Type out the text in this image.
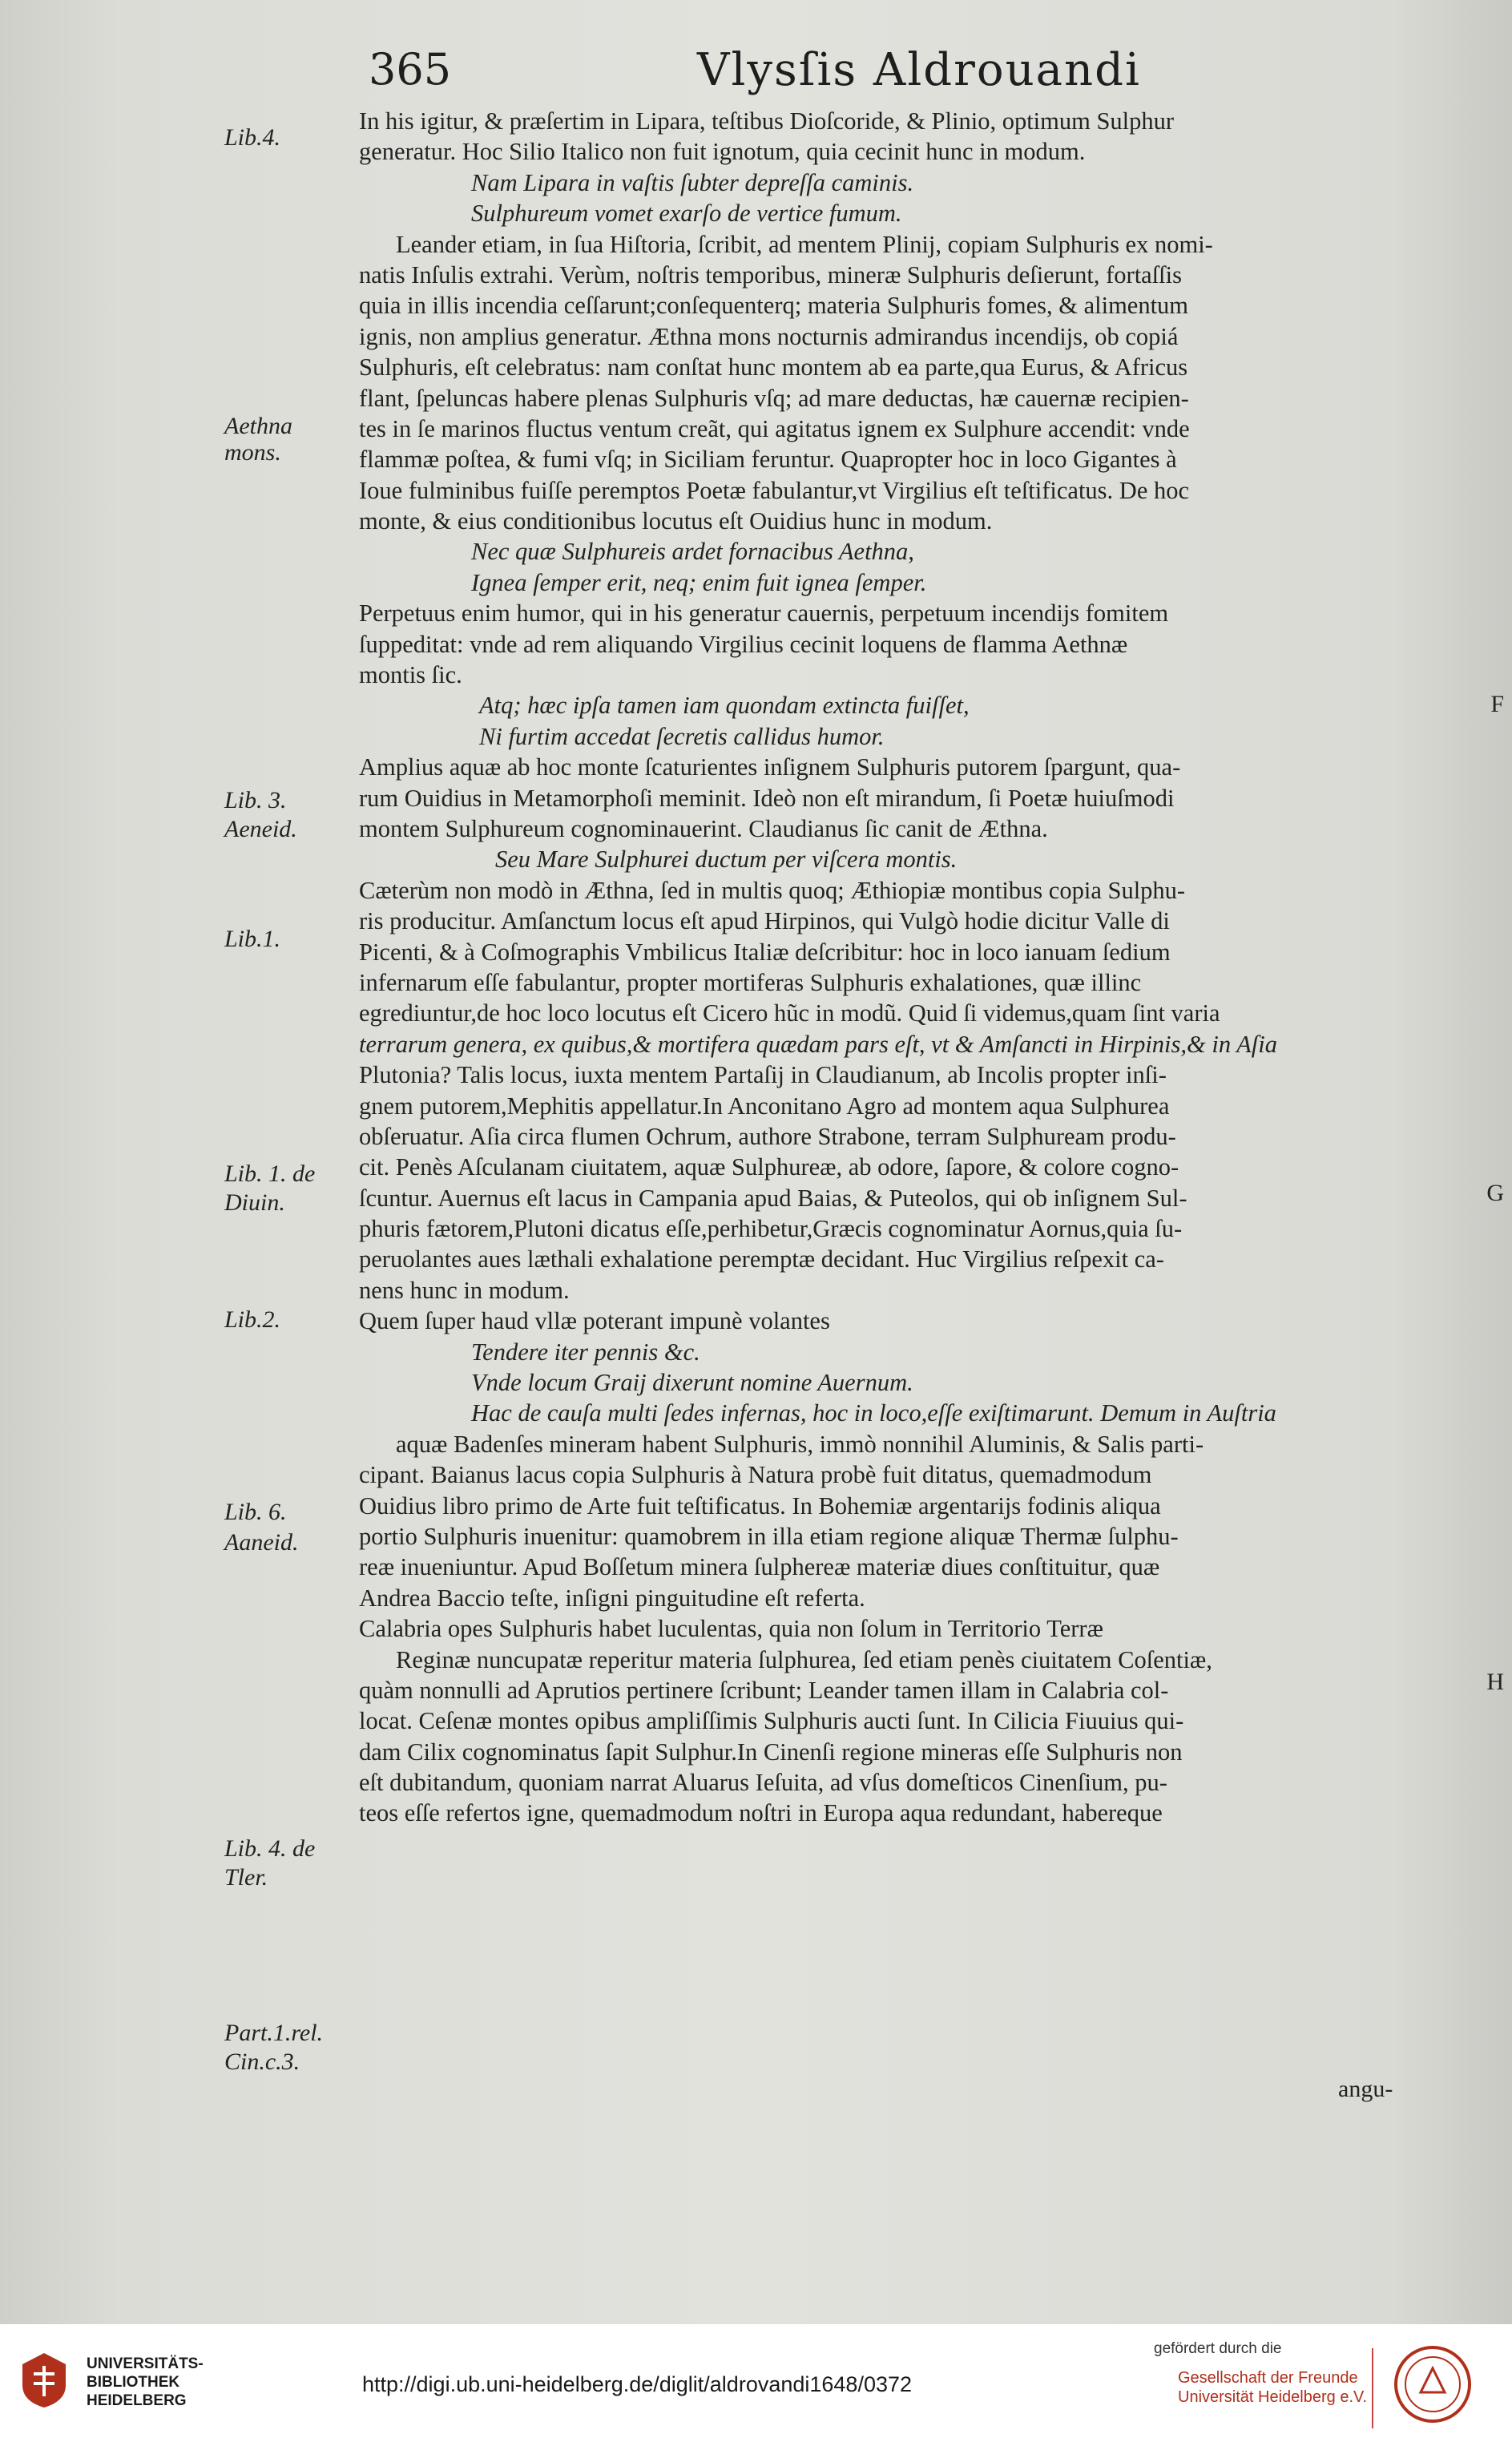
365	Vlysſis Aldrouandi
Lib.4.
Aethna
mons.
Lib. 3.
Aeneid.
Lib.1.
Lib. 1. de
Diuin.
Lib.2.
Lib. 6.
Aaneid.
Lib. 4. de
Tler.
Part.1.rel.
Cin.c.3.
In his igitur, & præſertim in Lipara, teſtibus Dioſcoride, & Plinio, optimum Sulphur
generatur. Hoc Silio Italico non fuit ignotum, quia cecinit hunc in modum.
Nam Lipara in vaſtis ſubter depreſſa caminis.
Sulphureum vomet exarſo de vertice fumum.
Leander etiam, in ſua Hiſtoria, ſcribit, ad mentem Plinij, copiam Sulphuris ex nomi-
natis Inſulis extrahi. Verùm, noſtris temporibus, mineræ Sulphuris deſierunt, fortaſſis
quia in illis incendia ceſſarunt;conſequenterq; materia Sulphuris fomes, & alimentum
ignis, non amplius generatur. Æthna mons nocturnis admirandus incendijs, ob copiá
Sulphuris, eſt celebratus: nam conſtat hunc montem ab ea parte,qua Eurus, & Africus
flant, ſpeluncas habere plenas Sulphuris vſq; ad mare deductas, hæ cauernæ recipien-
tes in ſe marinos fluctus ventum creãt, qui agitatus ignem ex Sulphure accendit: vnde
flammæ poſtea, & fumi vſq; in Siciliam feruntur. Quapropter hoc in loco Gigantes à
Ioue fulminibus fuiſſe peremptos Poetæ fabulantur,vt Virgilius eſt teſtificatus. De hoc
monte, & eius conditionibus locutus eſt Ouidius hunc in modum.
Nec quæ Sulphureis ardet fornacibus Aethna,
Ignea ſemper erit, neq; enim fuit ignea ſemper.
Perpetuus enim humor, qui in his generatur cauernis, perpetuum incendijs fomitem
ſuppeditat: vnde ad rem aliquando Virgilius cecinit loquens de flamma Aethnæ
montis ſic.
Atq; hæc ipſa tamen iam quondam extincta fuiſſet,
Ni furtim accedat ſecretis callidus humor.
Amplius aquæ ab hoc monte ſcaturientes inſignem Sulphuris putorem ſpargunt, qua-
rum Ouidius in Metamorphoſi meminit. Ideò non eſt mirandum, ſi Poetæ huiuſmodi
montem Sulphureum cognominauerint. Claudianus ſic canit de Æthna.
Seu Mare Sulphurei ductum per viſcera montis.
Cæterùm non modò in Æthna, ſed in multis quoq; Æthiopiæ montibus copia Sulphu-
ris producitur. Amſanctum locus eſt apud Hirpinos, qui Vulgò hodie dicitur Valle di
Picenti, & à Coſmographis Vmbilicus Italiæ deſcribitur: hoc in loco ianuam ſedium
infernarum eſſe fabulantur, propter mortiferas Sulphuris exhalationes, quæ illinc
egrediuntur,de hoc loco locutus eſt Cicero hũc in modũ. Quid ſi videmus,quam ſint varia
terrarum genera, ex quibus,& mortifera quædam pars eſt, vt & Amſancti in Hirpinis,& in Aſia
Plutonia? Talis locus, iuxta mentem Partaſij in Claudianum, ab Incolis propter inſi-
gnem putorem,Mephitis appellatur.In Anconitano Agro ad montem aqua Sulphurea
obſeruatur. Aſia circa flumen Ochrum, authore Strabone, terram Sulphuream produ-
cit. Penès Aſculanam ciuitatem, aquæ Sulphureæ, ab odore, ſapore, & colore cogno-
ſcuntur. Auernus eſt lacus in Campania apud Baias, & Puteolos, qui ob inſignem Sul-
phuris fætorem,Plutoni dicatus eſſe,perhibetur,Græcis cognominatur Aornus,quia ſu-
peruolantes aues læthali exhalatione peremptæ decidant. Huc Virgilius reſpexit ca-
nens hunc in modum.
Quem ſuper haud vllæ poterant impunè volantes
Tendere iter pennis &c.
Vnde locum Graij dixerunt nomine Auernum.
Hac de cauſa multi ſedes infernas, hoc in loco,eſſe exiſtimarunt. Demum in Auſtria
aquæ Badenſes mineram habent Sulphuris, immò nonnihil Aluminis, & Salis parti-
cipant. Baianus lacus copia Sulphuris à Natura probè fuit ditatus, quemadmodum
Ouidius libro primo de Arte fuit teſtificatus. In Bohemiæ argentarijs fodinis aliqua
portio Sulphuris inuenitur: quamobrem in illa etiam regione aliquæ Thermæ ſulphu-
reæ inueniuntur. Apud Boſſetum minera ſulphereæ materiæ diues conſtituitur, quæ
Andrea Baccio teſte, inſigni pinguitudine eſt referta.
Calabria opes Sulphuris habet luculentas, quia non ſolum in Territorio Terræ
Reginæ nuncupatæ reperitur materia ſulphurea, ſed etiam penès ciuitatem Coſentiæ,
quàm nonnulli ad Aprutios pertinere ſcribunt; Leander tamen illam in Calabria col-
locat. Ceſenæ montes opibus ampliſſimis Sulphuris aucti ſunt. In Cilicia Fiuuius qui-
dam Cilix cognominatus ſapit Sulphur.In Cinenſi regione mineras eſſe Sulphuris non
eſt dubitandum, quoniam narrat Aluarus Ieſuita, ad vſus domeſticos Cinenſium, pu-
teos eſſe refertos igne, quemadmodum noſtri in Europa aqua redundant, habereque
F
G
H
angu-
UNIVERSITÄTS-
BIBLIOTHEK
HEIDELBERG
http://digi.ub.uni-heidelberg.de/diglit/aldrovandi1648/0372
gefördert durch die
Gesellschaft der Freunde
Universität Heidelberg e.V.
